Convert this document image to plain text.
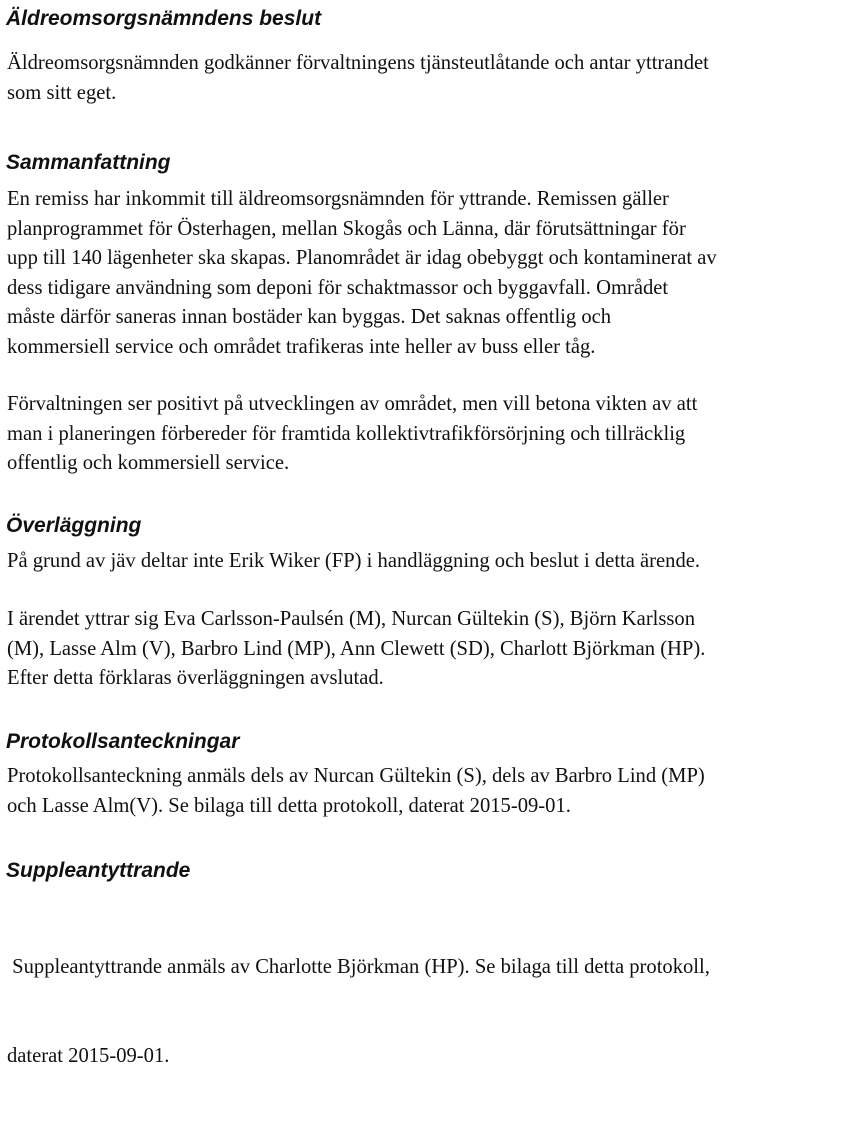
Äldreomsorgsnämndens beslut

Äldreomsorgsnämnden godkänner förvaltningens tjänsteutlåtande och antar yttrandet
som sitt eget.

Sammanfattning

En remiss har inkommit till äldreomsorgsnämnden för yttrande. Remissen gäller
planprogrammet för Österhagen, mellan Skogås och Länna, där förutsättningar för
upp till 140 lägenheter ska skapas. Planområdet är idag obebyggt och kontaminerat av
dess tidigare användning som deponi för schaktmassor och byggavfall. Området
måste därför saneras innan bostäder kan byggas. Det saknas offentlig och
kommersiell service och området trafikeras inte heller av buss eller tåg.

Förvaltningen ser positivt på utvecklingen av området, men vill betona vikten av att
man i planeringen förbereder för framtida kollektivtrafikförsörjning och tillräcklig
offentlig och kommersiell service.

Överläggning

På grund av jäv deltar inte Erik Wiker (FP) i handläggning och beslut i detta ärende.

I ärendet yttrar sig Eva Carlsson-Paulsén (M), Nurcan Gültekin (S), Björn Karlsson
(M), Lasse Alm (V), Barbro Lind (MP), Ann Clewett (SD), Charlott Björkman (HP).
Efter detta förklaras överläggningen avslutad.

Protokollsanteckningar

Protokollsanteckning anmäls dels av Nurcan Gültekin (S), dels av Barbro Lind (MP)
och Lasse Alm(V). Se bilaga till detta protokoll, daterat 2015-09-01.

Suppleantyttrande

Suppleantyttrande anmäls av Charlotte Björkman (HP). Se bilaga till detta protokoll,

daterat 2015-09-01.
